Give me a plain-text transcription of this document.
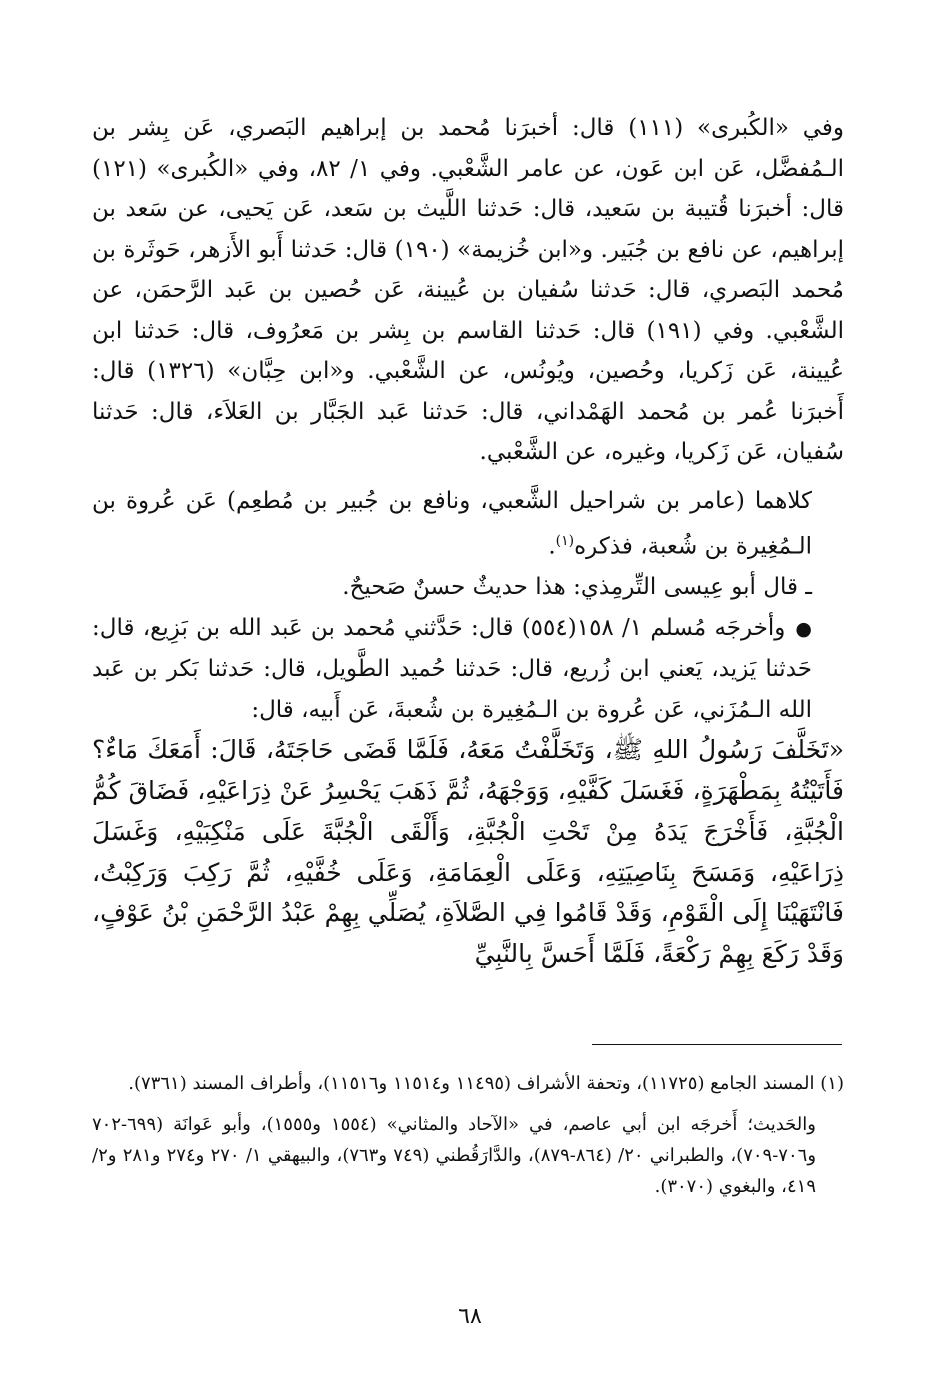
وفي «الكُبرى» (١١١) قال: أخبرَنا مُحمد بن إبراهيم البَصري، عَن بِشر بن الـمُفضَّل، عَن ابن عَون، عن عامر الشَّعْبي. وفي ١/ ٨٢، وفي «الكُبرى» (١٢١) قال: أخبرَنا قُتيبة بن سَعيد، قال: حَدثنا اللَّيث بن سَعد، عَن يَحيى، عن سَعد بن إبراهيم، عن نافع بن جُبَير. و«ابن خُزيمة» (١٩٠) قال: حَدثنا أَبو الأَزهر، حَوثَرة بن مُحمد البَصري، قال: حَدثنا سُفيان بن عُيينة، عَن حُصين بن عَبد الرَّحمَن، عن الشَّعْبي. وفي (١٩١) قال: حَدثنا القاسم بن بِشر بن مَعرُوف، قال: حَدثنا ابن عُيينة، عَن زَكريا، وحُصين، ويُونُس، عن الشَّعْبي. و«ابن حِبَّان» (١٣٢٦) قال: أَخبرَنا عُمر بن مُحمد الهَمْداني، قال: حَدثنا عَبد الجَبَّار بن العَلاَء، قال: حَدثنا سُفيان، عَن زَكريا، وغيره، عن الشَّعْبي.

كلاهما (عامر بن شراحيل الشَّعبي، ونافع بن جُبير بن مُطعِم) عَن عُروة بن الـمُغِيرة بن شُعبة، فذكره$^{(١)}$.

ـ قال أبو عِيسى التِّرمِذي: هذا حديثٌ حسنٌ صَحيحٌ.

●وأخرجَه مُسلم ١/ ١٥٨(٥٥٤) قال: حَدَّثني مُحمد بن عَبد الله بن بَزِيع، قال: حَدثنا يَزيد، يَعني ابن زُريع، قال: حَدثنا حُميد الطَّويل، قال: حَدثنا بَكر بن عَبد الله الـمُزَني، عَن عُروة بن الـمُغِيرة بن شُعبةَ، عَن أَبيه، قال:

«تَخَلَّفَ رَسُولُ اللهِ ﷺ، وَتَخَلَّفْتُ مَعَهُ، فَلَمَّا قَضَى حَاجَتَهُ، قَالَ: أَمَعَكَ مَاءٌ؟ فَأَتَيْتُهُ بِمَطْهَرَةٍ، فَغَسَلَ كَفَّيْهِ، وَوَجْهَهُ، ثُمَّ ذَهَبَ يَحْسِرُ عَنْ ذِرَاعَيْهِ، فَضَاقَ كُمُّ الْجُبَّةِ، فَأَخْرَجَ يَدَهُ مِنْ تَحْتِ الْجُبَّةِ، وَأَلْقَى الْجُبَّةَ عَلَى مَنْكِبَيْهِ، وَغَسَلَ ذِرَاعَيْهِ، وَمَسَحَ بِنَاصِيَتِهِ، وَعَلَى الْعِمَامَةِ، وَعَلَى خُفَّيْهِ، ثُمَّ رَكِبَ وَرَكِبْتُ، فَانْتَهَيْنَا إِلَى الْقَوْمِ، وَقَدْ قَامُوا فِي الصَّلاَةِ، يُصَلِّي بِهِمْ عَبْدُ الرَّحْمَنِ بْنُ عَوْفٍ، وَقَدْ رَكَعَ بِهِمْ رَكْعَةً، فَلَمَّا أَحَسَّ بِالنَّبِيِّ

(١) المسند الجامع (١١٧٢٥)، وتحفة الأشراف (١١٤٩٥ و١١٥١٤ و١١٥١٦)، وأطراف المسند (٧٣٦١).

والحَديث؛ أَخرجَه ابن أبي عاصم، في «الآحاد والمثاني» (١٥٥٤ و١٥٥٥)، وأبو عَوانَة (٦٩٩-٧٠٢ و٧٠٦-٧٠٩)، والطبراني ٢٠/ (٨٦٤-٨٧٩)، والدَّارَقُطني (٧٤٩ و٧٦٣)، والبيهقي ١/ ٢٧٠ و٢٧٤ و٢٨١ و٢/ ٤١٩، والبغوي (٣٠٧٠).

٦٨
